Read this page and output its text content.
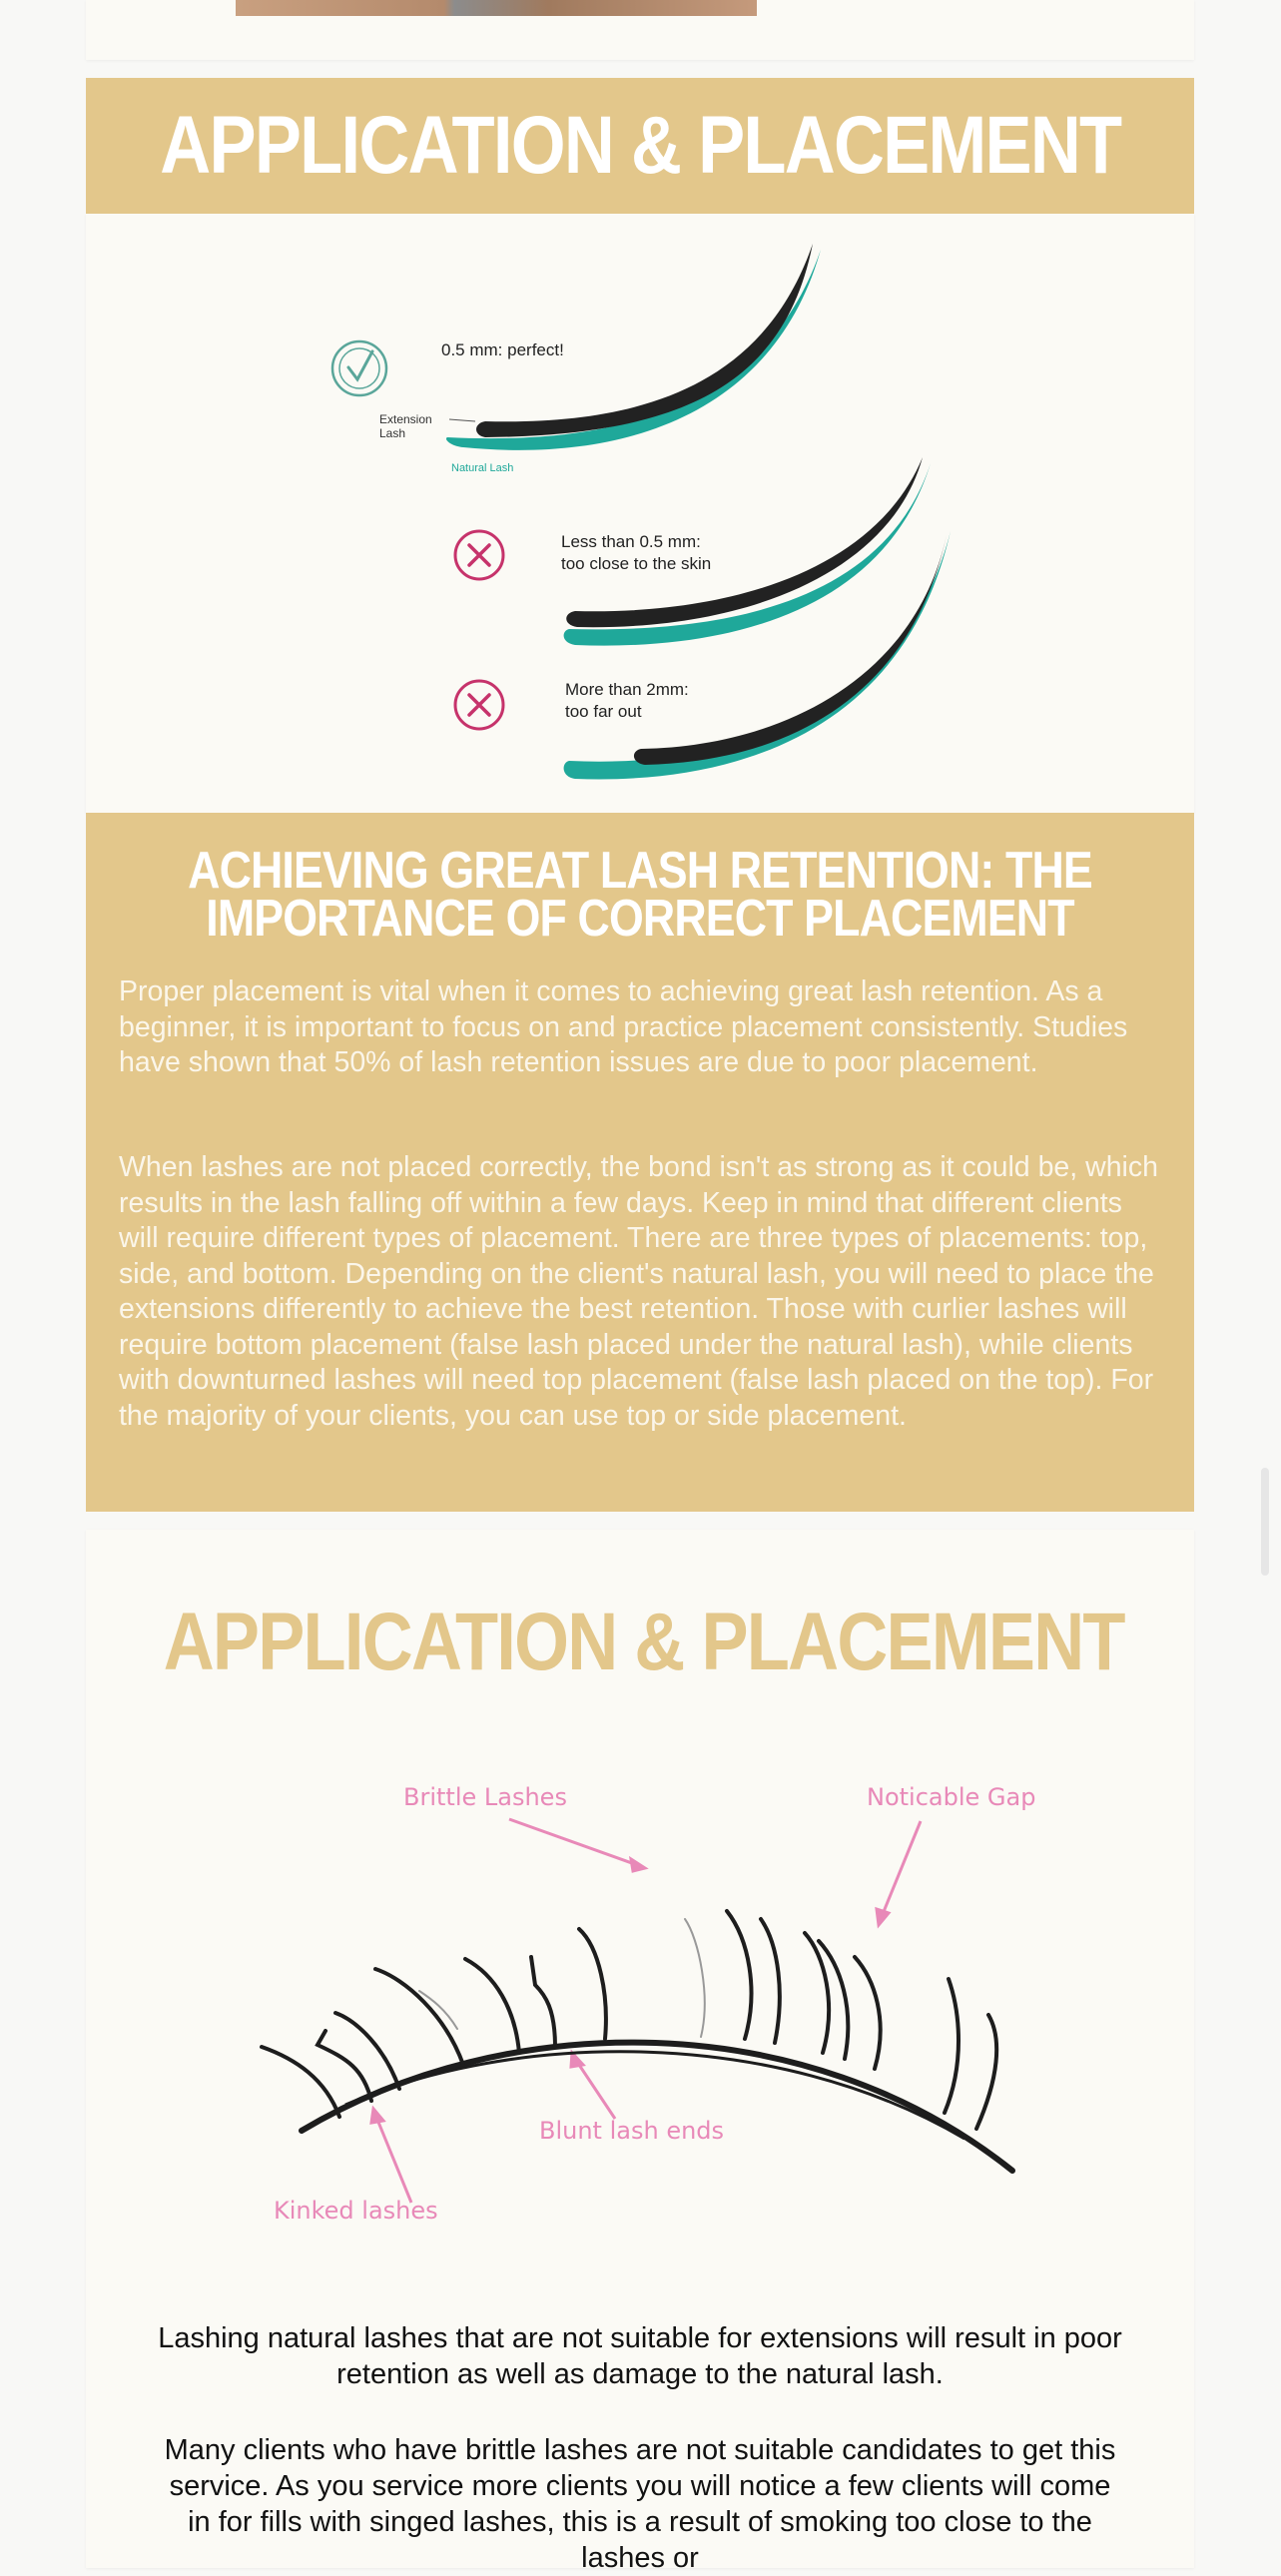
APPLICATION & PLACEMENT
0.5 mm: perfect!
Extension
Lash
Natural Lash
Less than 0.5 mm:
too close to the skin
More than 2mm:
too far out
ACHIEVING GREAT LASH RETENTION: THE
IMPORTANCE OF CORRECT PLACEMENT

Proper placement is vital when it comes to achieving great lash retention. As a beginner, it is important to focus on and practice placement consistently. Studies have shown that 50% of lash retention issues are due to poor placement.

When lashes are not placed correctly, the bond isn't as strong as it could be, which results in the lash falling off within a few days. Keep in mind that different clients will require different types of placement. There are three types of placements: top, side, and bottom. Depending on the client's natural lash, you will need to place the extensions differently to achieve the best retention. Those with curlier lashes will require bottom placement (false lash placed under the natural lash), while clients with downturned lashes will need top placement (false lash placed on the top). For the majority of your clients, you can use top or side placement.

APPLICATION & PLACEMENT
Brittle Lashes	Noticable Gap
Blunt lash ends
Kinked lashes

Lashing natural lashes that are not suitable for extensions will result in poor retention as well as damage to the natural lash.

Many clients who have brittle lashes are not suitable candidates to get this service. As you service more clients you will notice a few clients will come in for fills with singed lashes, this is a result of smoking too close to the lashes or
